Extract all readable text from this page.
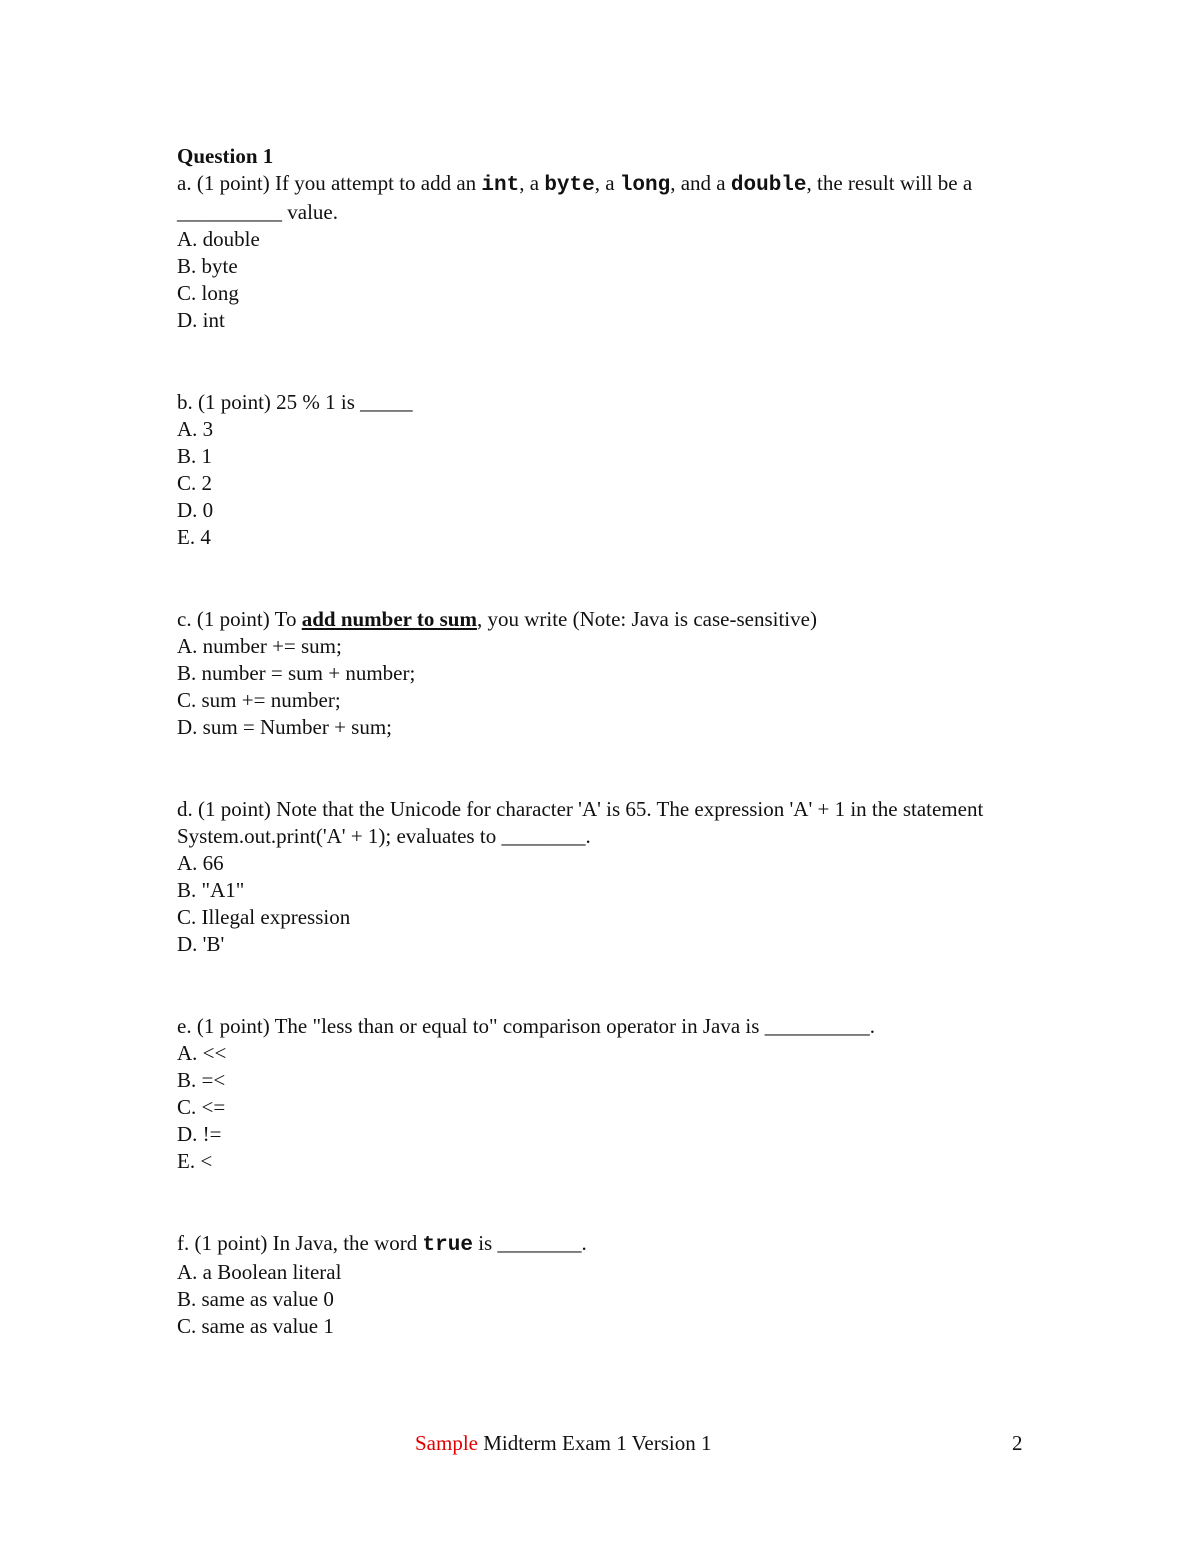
Question 1

a. (1 point) If you attempt to add an int, a byte, a long, and a double, the result will be a __________ value.

A. double
B. byte
C. long
D. int

b. (1 point) 25 % 1 is _____

A. 3
B. 1
C. 2
D. 0
E. 4

c. (1 point) To add number to sum, you write (Note: Java is case-sensitive)

A. number += sum;
B. number = sum + number;
C. sum += number;
D. sum = Number + sum;

d. (1 point) Note that the Unicode for character 'A' is 65. The expression 'A' + 1 in the statement System.out.print('A' + 1); evaluates to ________.

A. 66
B. "A1"
C. Illegal expression
D. 'B'

e. (1 point) The "less than or equal to" comparison operator in Java is __________.

A. <<
B. =<
C. <=
D. !=
E. <

f. (1 point) In Java, the word true is ________.

A. a Boolean literal
B. same as value 0
C. same as value 1
Sample Midterm Exam 1 Version 1	2
